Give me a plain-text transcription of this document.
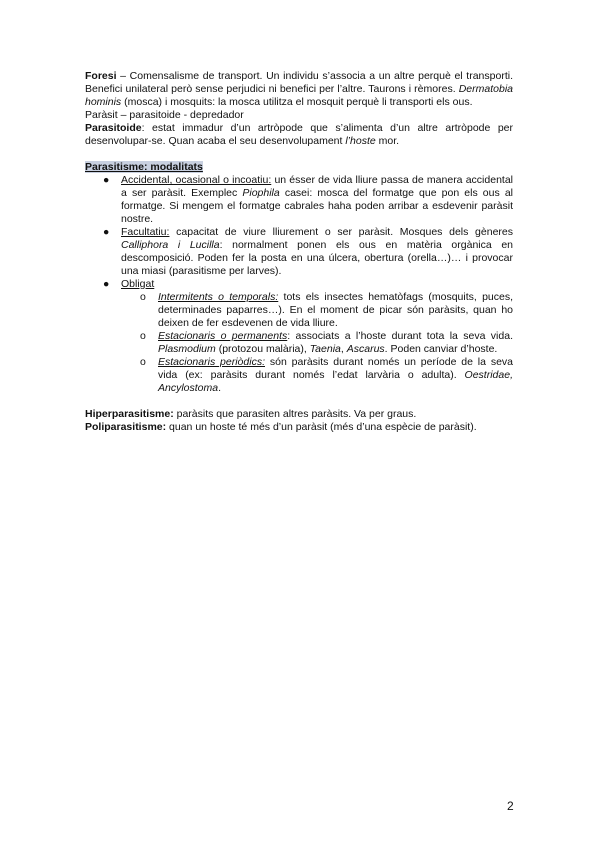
Foresi – Comensalisme de transport. Un individu s’associa a un altre perquè el transporti. Benefici unilateral però sense perjudici ni benefici per l’altre. Taurons i rèmores. Dermatobia hominis (mosca) i mosquits: la mosca utilitza el mosquit perquè li transporti els ous.

Paràsit – parasitoide - depredador

Parasitoide: estat immadur d’un artròpode que s’alimenta d’un altre artròpode per desenvolupar-se. Quan acaba el seu desenvolupament l’hoste mor.

Parasitisme: modalitats

● Accidental, ocasional o incoatiu: un ésser de vida lliure passa de manera accidental a ser paràsit. Exemplec Piophila casei: mosca del formatge que pon els ous al formatge. Si mengem el formatge cabrales haha poden arribar a esdevenir paràsit nostre.
● Facultatiu: capacitat de viure lliurement o ser paràsit. Mosques dels gèneres Calliphora i Lucilla: normalment ponen els ous en matèria orgànica en descomposició. Poden fer la posta en una úlcera, obertura (orella…)… i provocar una miasi (parasitisme per larves).
● Obligat
o Intermitents o temporals: tots els insectes hematòfags (mosquits, puces, determinades paparres…). En el moment de picar són paràsits, quan ho deixen de fer esdevenen de vida lliure.
o Estacionaris o permanents: associats a l’hoste durant tota la seva vida. Plasmodium (protozou malària), Taenia, Ascarus. Poden canviar d’hoste.
o Estacionaris periòdics: són paràsits durant només un període de la seva vida (ex: paràsits durant només l’edat larvària o adulta). Oestridae, Ancylostoma.

Hiperparasitisme: paràsits que parasiten altres paràsits. Va per graus.

Poliparasitisme: quan un hoste té més d’un paràsit (més d’una espècie de paràsit).

2
